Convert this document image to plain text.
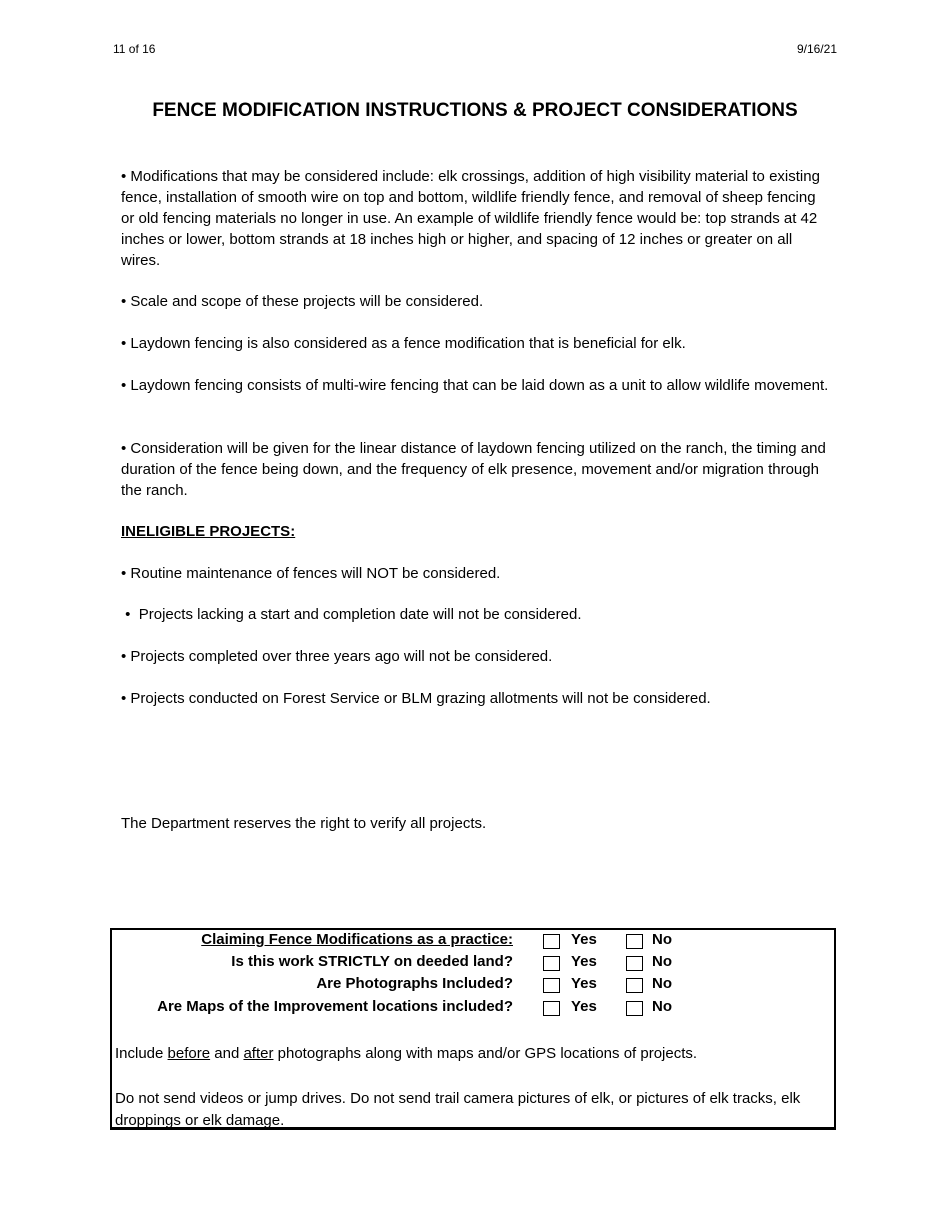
11 of 16	9/16/21
FENCE MODIFICATION INSTRUCTIONS & PROJECT CONSIDERATIONS
• Modifications that may be considered include: elk crossings, addition of high visibility material to existing fence, installation of smooth wire on top and bottom, wildlife friendly fence, and removal of sheep fencing or old fencing materials no longer in use. An example of wildlife friendly fence would be: top strands at 42 inches or lower, bottom strands at 18 inches high or higher, and spacing of 12 inches or greater on all wires.
• Scale and scope of these projects will be considered.
• Laydown fencing is also considered as a fence modification that is beneficial for elk.
• Laydown fencing consists of multi-wire fencing that can be laid down as a unit to allow wildlife movement.
• Consideration will be given for the linear distance of laydown fencing utilized on the ranch, the timing and duration of the fence being down, and the frequency of elk presence, movement and/or migration through the ranch.
INELIGIBLE PROJECTS:
• Routine maintenance of fences will NOT be considered.
•  Projects lacking a start and completion date will not be considered.
• Projects completed over three years ago will not be considered.
• Projects conducted on Forest Service or BLM grazing allotments will not be considered.
The Department reserves the right to verify all projects.
Claiming Fence Modifications as a practice:	Yes	No
Is this work STRICTLY on deeded land?	Yes	No
Are Photographs Included?	Yes	No
Are Maps of the Improvement locations included?	Yes	No
Include before and after photographs along with maps and/or GPS locations of projects.
Do not send videos or jump drives. Do not send trail camera pictures of elk, or pictures of elk tracks, elk droppings or elk damage.
